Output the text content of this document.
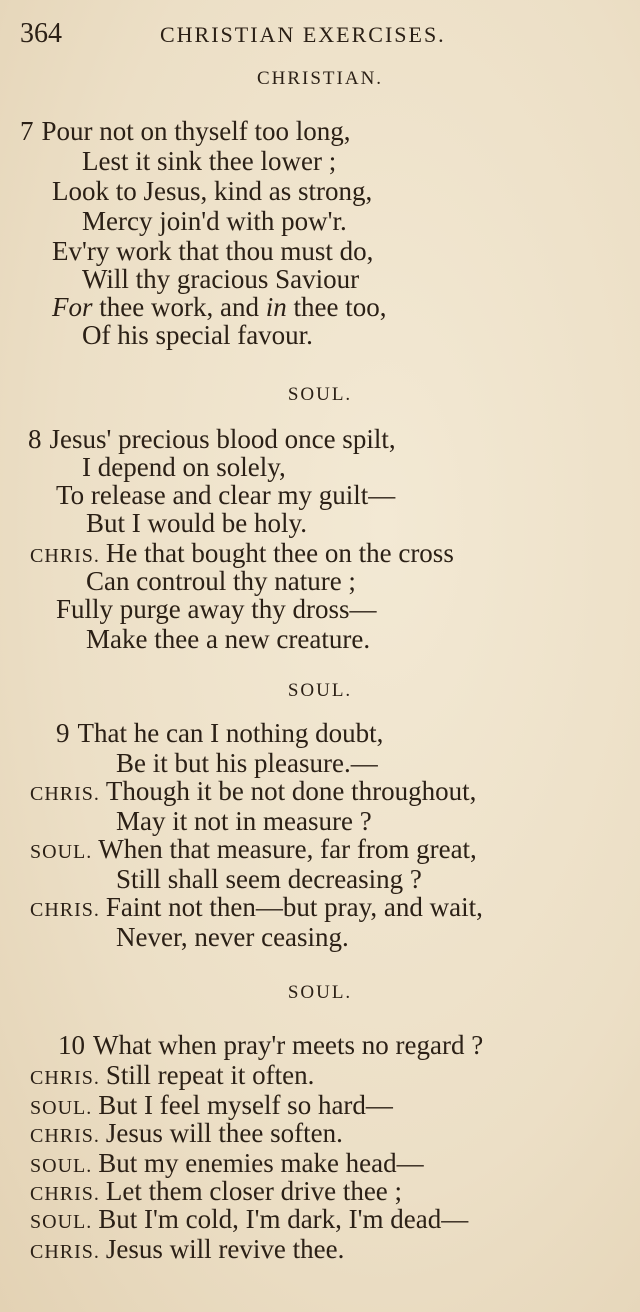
364	CHRISTIAN EXERCISES.
CHRISTIAN.
7 Pour not on thyself too long,
Lest it sink thee lower ;
Look to Jesus, kind as strong,
Mercy join'd with pow'r.
Ev'ry work that thou must do,
Will thy gracious Saviour
For thee work, and in thee too,
Of his special favour.
SOUL.
8 Jesus' precious blood once spilt,
I depend on solely,
To release and clear my guilt—
But I would be holy.
CHRIS. He that bought thee on the cross
Can controul thy nature ;
Fully purge away thy dross—
Make thee a new creature.
SOUL.
9 That he can I nothing doubt,
Be it but his pleasure.—
CHRIS. Though it be not done throughout,
May it not in measure ?
SOUL. When that measure, far from great,
Still shall seem decreasing ?
CHRIS. Faint not then—but pray, and wait,
Never, never ceasing.
SOUL.
10 What when pray'r meets no regard ?
CHRIS. Still repeat it often.
SOUL. But I feel myself so hard—
CHRIS. Jesus will thee soften.
SOUL. But my enemies make head—
CHRIS. Let them closer drive thee ;
SOUL. But I'm cold, I'm dark, I'm dead—
CHRIS. Jesus will revive thee.
